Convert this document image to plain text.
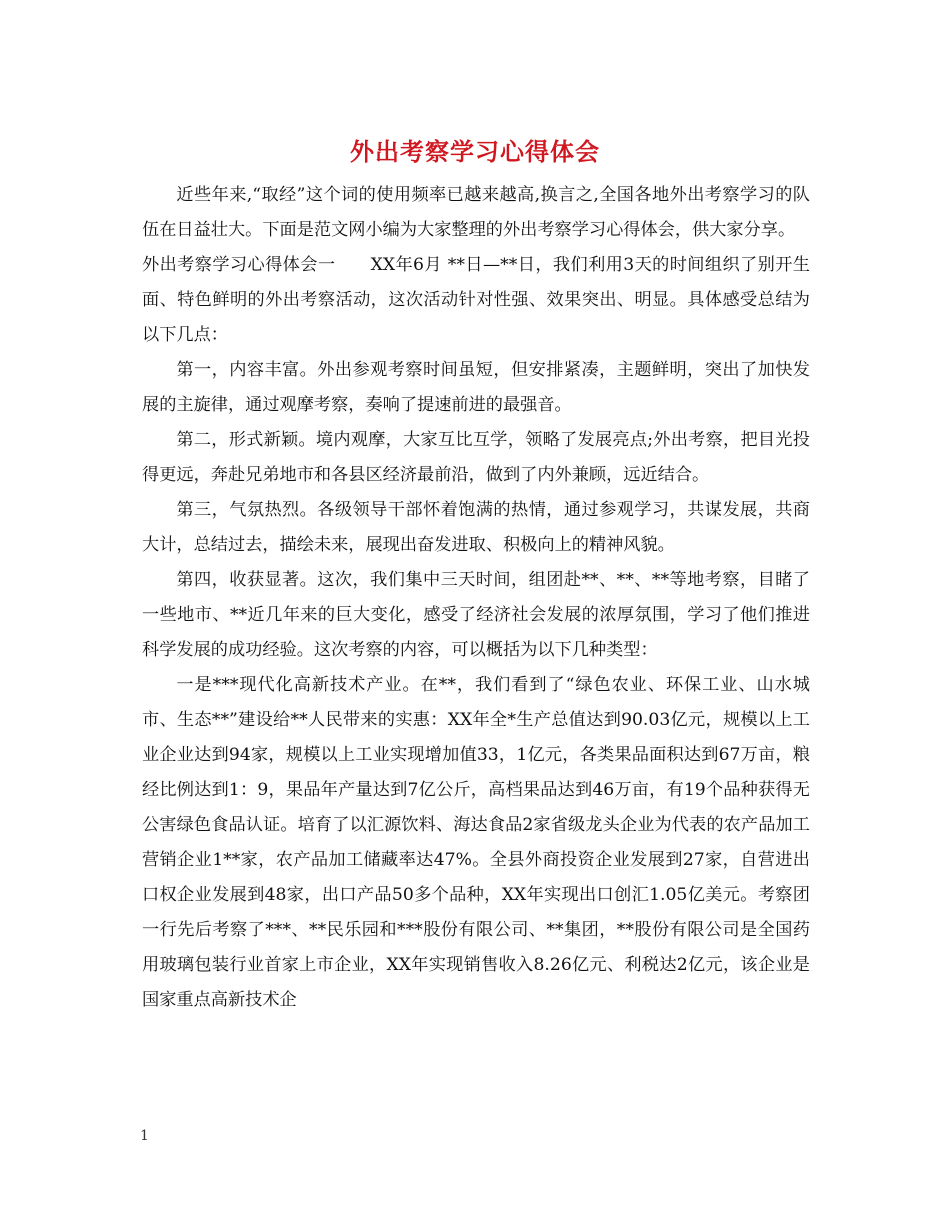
外出考察学习心得体会

近些年来,“取经”这个词的使用频率已越来越高,换言之,全国各地外出考察学习的队伍在日益壮大。下面是范文网小编为大家整理的外出考察学习心得体会，供大家分享。

外出考察学习心得体会一　　XX年6月 **日—**日，我们利用3天的时间组织了别开生面、特色鲜明的外出考察活动，这次活动针对性强、效果突出、明显。具体感受总结为以下几点：

第一，内容丰富。外出参观考察时间虽短，但安排紧凑，主题鲜明，突出了加快发展的主旋律，通过观摩考察，奏响了提速前进的最强音。

第二，形式新颖。境内观摩，大家互比互学，领略了发展亮点;外出考察，把目光投得更远，奔赴兄弟地市和各县区经济最前沿，做到了内外兼顾，远近结合。

第三，气氛热烈。各级领导干部怀着饱满的热情，通过参观学习，共谋发展，共商大计，总结过去，描绘未来，展现出奋发进取、积极向上的精神风貌。

第四，收获显著。这次，我们集中三天时间，组团赴**、**、**等地考察，目睹了一些地市、**近几年来的巨大变化，感受了经济社会发展的浓厚氛围，学习了他们推进科学发展的成功经验。这次考察的内容，可以概括为以下几种类型：

一是***现代化高新技术产业。在**，我们看到了“绿色农业、环保工业、山水城市、生态**”建设给**人民带来的实惠：XX年全*生产总值达到90.03亿元，规模以上工业企业达到94家，规模以上工业实现增加值33，1亿元，各类果品面积达到67万亩，粮经比例达到1：9，果品年产量达到7亿公斤，高档果品达到46万亩，有19个品种获得无公害绿色食品认证。培育了以汇源饮料、海达食品2家省级龙头企业为代表的农产品加工营销企业1**家，农产品加工储藏率达47%。全县外商投资企业发展到27家，自营进出口权企业发展到48家，出口产品50多个品种，XX年实现出口创汇1.05亿美元。考察团一行先后考察了***、**民乐园和***股份有限公司、**集团，**股份有限公司是全国药用玻璃包装行业首家上市企业，XX年实现销售收入8.26亿元、利税达2亿元，该企业是国家重点高新技术企

1
